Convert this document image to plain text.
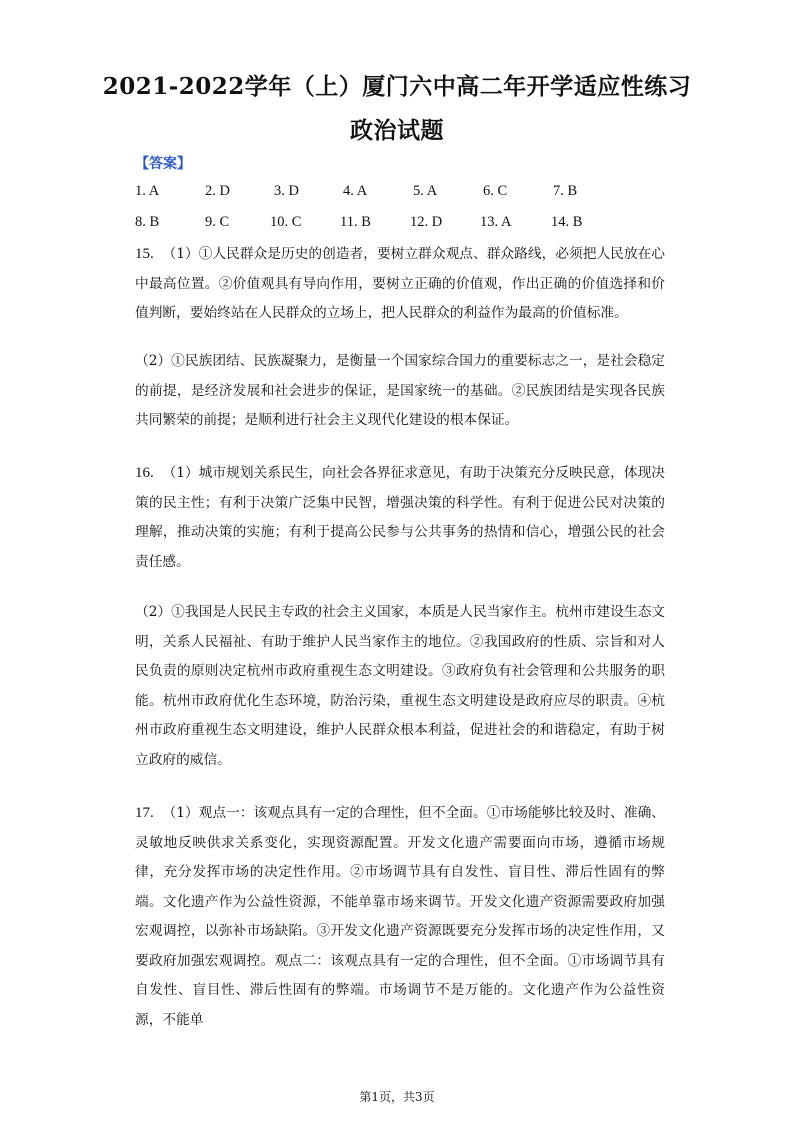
2021-2022学年（上）厦门六中高二年开学适应性练习
政治试题
【答案】
1. A	2. D	3. D	4. A	5. A	6. C	7. B
8. B	9. C	10. C	11. B	12. D	13. A	14. B

15. （1）①人民群众是历史的创造者，要树立群众观点、群众路线，必须把人民放在心中最高位置。②价值观具有导向作用，要树立正确的价值观，作出正确的价值选择和价值判断，要始终站在人民群众的立场上，把人民群众的利益作为最高的价值标准。

（2）①民族团结、民族凝聚力，是衡量一个国家综合国力的重要标志之一，是社会稳定的前提，是经济发展和社会进步的保证，是国家统一的基础。②民族团结是实现各民族共同繁荣的前提；是顺利进行社会主义现代化建设的根本保证。

16. （1）城市规划关系民生，向社会各界征求意见，有助于决策充分反映民意，体现决策的民主性；有利于决策广泛集中民智，增强决策的科学性。有利于促进公民对决策的理解，推动决策的实施；有利于提高公民参与公共事务的热情和信心，增强公民的社会责任感。

（2）①我国是人民民主专政的社会主义国家，本质是人民当家作主。杭州市建设生态文明，关系人民福祉、有助于维护人民当家作主的地位。②我国政府的性质、宗旨和对人民负责的原则决定杭州市政府重视生态文明建设。③政府负有社会管理和公共服务的职能。杭州市政府优化生态环境，防治污染，重视生态文明建设是政府应尽的职责。④杭州市政府重视生态文明建设，维护人民群众根本利益，促进社会的和谐稳定，有助于树立政府的威信。

17. （1）观点一：该观点具有一定的合理性，但不全面。①市场能够比较及时、准确、灵敏地反映供求关系变化，实现资源配置。开发文化遗产需要面向市场，遵循市场规律，充分发挥市场的决定性作用。②市场调节具有自发性、盲目性、滞后性固有的弊端。文化遗产作为公益性资源，不能单靠市场来调节。开发文化遗产资源需要政府加强宏观调控，以弥补市场缺陷。③开发文化遗产资源既要充分发挥市场的决定性作用，又要政府加强宏观调控。观点二：该观点具有一定的合理性，但不全面。①市场调节具有自发性、盲目性、滞后性固有的弊端。市场调节不是万能的。文化遗产作为公益性资源，不能单

第1页，共3页
